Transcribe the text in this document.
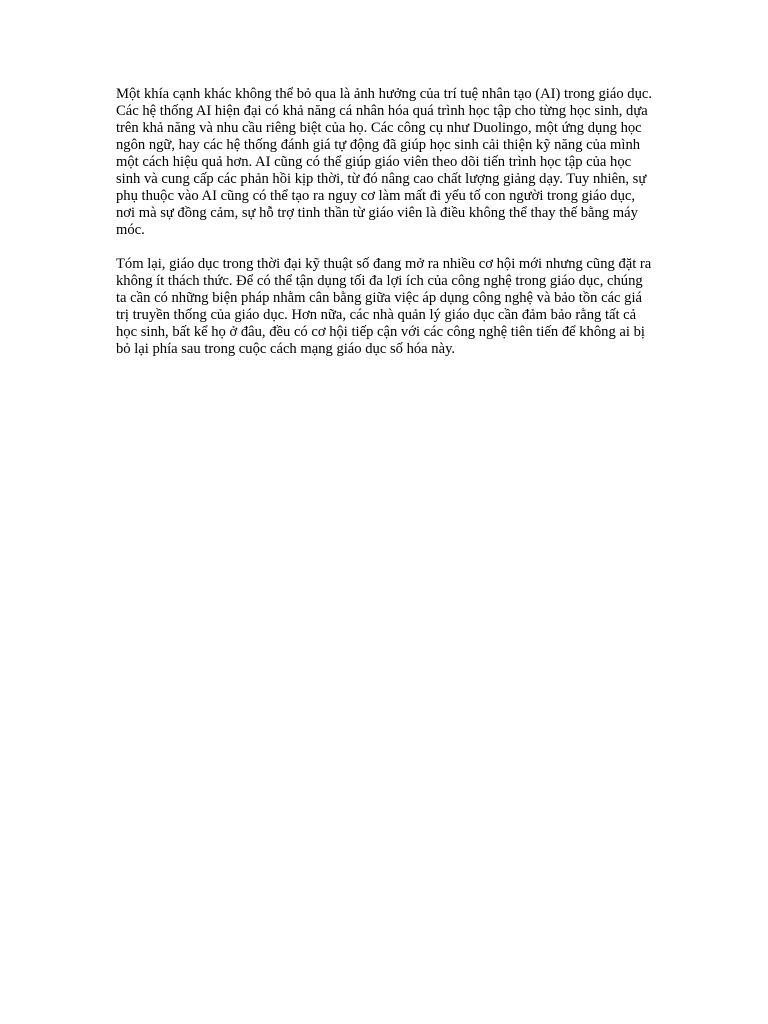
Một khía cạnh khác không thể bỏ qua là ảnh hưởng của trí tuệ nhân tạo (AI) trong giáo dục. Các hệ thống AI hiện đại có khả năng cá nhân hóa quá trình học tập cho từng học sinh, dựa trên khả năng và nhu cầu riêng biệt của họ. Các công cụ như Duolingo, một ứng dụng học ngôn ngữ, hay các hệ thống đánh giá tự động đã giúp học sinh cải thiện kỹ năng của mình một cách hiệu quả hơn. AI cũng có thể giúp giáo viên theo dõi tiến trình học tập của học sinh và cung cấp các phản hồi kịp thời, từ đó nâng cao chất lượng giảng dạy. Tuy nhiên, sự phụ thuộc vào AI cũng có thể tạo ra nguy cơ làm mất đi yếu tố con người trong giáo dục, nơi mà sự đồng cảm, sự hỗ trợ tinh thần từ giáo viên là điều không thể thay thế bằng máy móc.

Tóm lại, giáo dục trong thời đại kỹ thuật số đang mở ra nhiều cơ hội mới nhưng cũng đặt ra không ít thách thức. Để có thể tận dụng tối đa lợi ích của công nghệ trong giáo dục, chúng ta cần có những biện pháp nhằm cân bằng giữa việc áp dụng công nghệ và bảo tồn các giá trị truyền thống của giáo dục. Hơn nữa, các nhà quản lý giáo dục cần đảm bảo rằng tất cả học sinh, bất kể họ ở đâu, đều có cơ hội tiếp cận với các công nghệ tiên tiến để không ai bị bỏ lại phía sau trong cuộc cách mạng giáo dục số hóa này.
